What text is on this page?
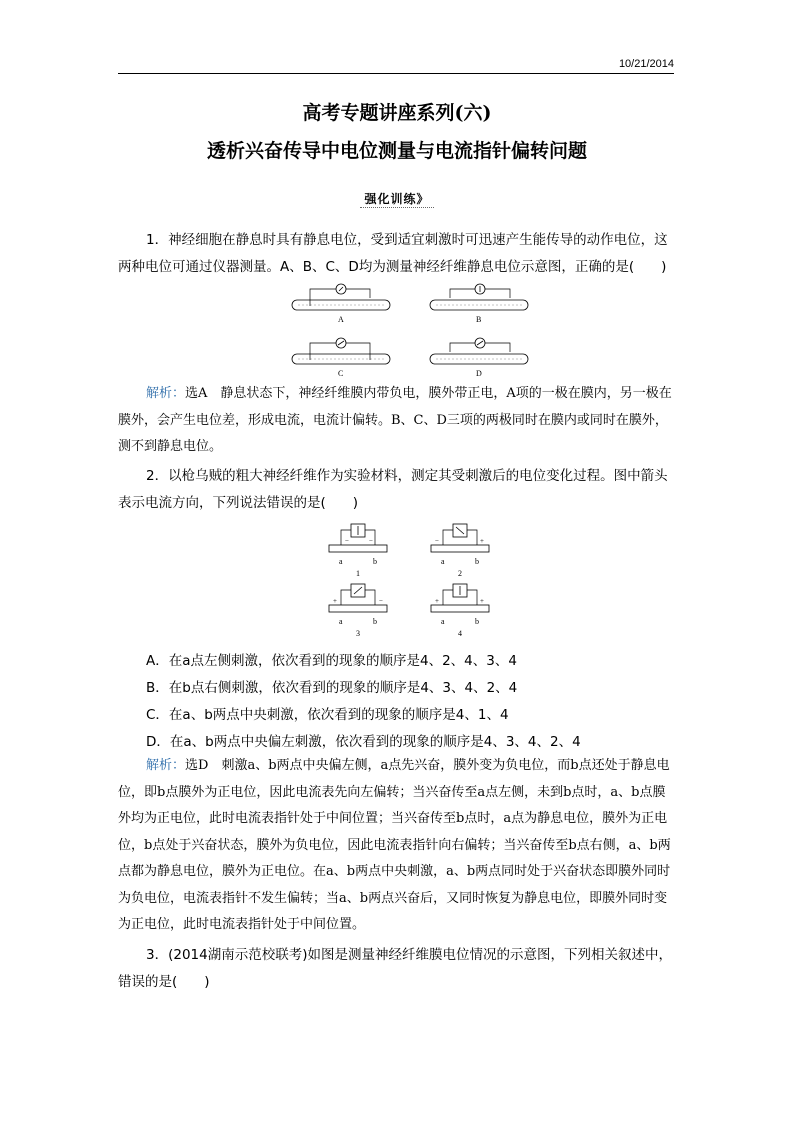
10/21/2014
高考专题讲座系列(六)
透析兴奋传导中电位测量与电流指针偏转问题
强化训练》
1．神经细胞在静息时具有静息电位，受到适宜刺激时可迅速产生能传导的动作电位，这两种电位可通过仪器测量。A、B、C、D均为测量神经纤维静息电位示意图，正确的是(　　)
A	B
C	D
解析：选A　静息状态下，神经纤维膜内带负电，膜外带正电，A项的一极在膜内，另一极在膜外，会产生电位差，形成电流，电流计偏转。B、C、D三项的两极同时在膜内或同时在膜外，测不到静息电位。
2．以枪乌贼的粗大神经纤维作为实验材料，测定其受刺激后的电位变化过程。图中箭头表示电流方向，下列说法错误的是(　　)
−	−
a	b
1
−	+
a	b
2
+	−
a	b
3
+	+
a	b
4
A．在a点左侧刺激，依次看到的现象的顺序是4、2、4、3、4
B．在b点右侧刺激，依次看到的现象的顺序是4、3、4、2、4
C．在a、b两点中央刺激，依次看到的现象的顺序是4、1、4
D．在a、b两点中央偏左刺激，依次看到的现象的顺序是4、3、4、2、4
解析：选D　刺激a、b两点中央偏左侧，a点先兴奋，膜外变为负电位，而b点还处于静息电位，即b点膜外为正电位，因此电流表先向左偏转；当兴奋传至a点左侧，未到b点时，a、b点膜外均为正电位，此时电流表指针处于中间位置；当兴奋传至b点时，a点为静息电位，膜外为正电位，b点处于兴奋状态，膜外为负电位，因此电流表指针向右偏转；当兴奋传至b点右侧，a、b两点都为静息电位，膜外为正电位。在a、b两点中央刺激，a、b两点同时处于兴奋状态即膜外同时为负电位，电流表指针不发生偏转；当a、b两点兴奋后，又同时恢复为静息电位，即膜外同时变为正电位，此时电流表指针处于中间位置。
3．(2014湖南示范校联考)如图是测量神经纤维膜电位情况的示意图，下列相关叙述中，错误的是(　　)
